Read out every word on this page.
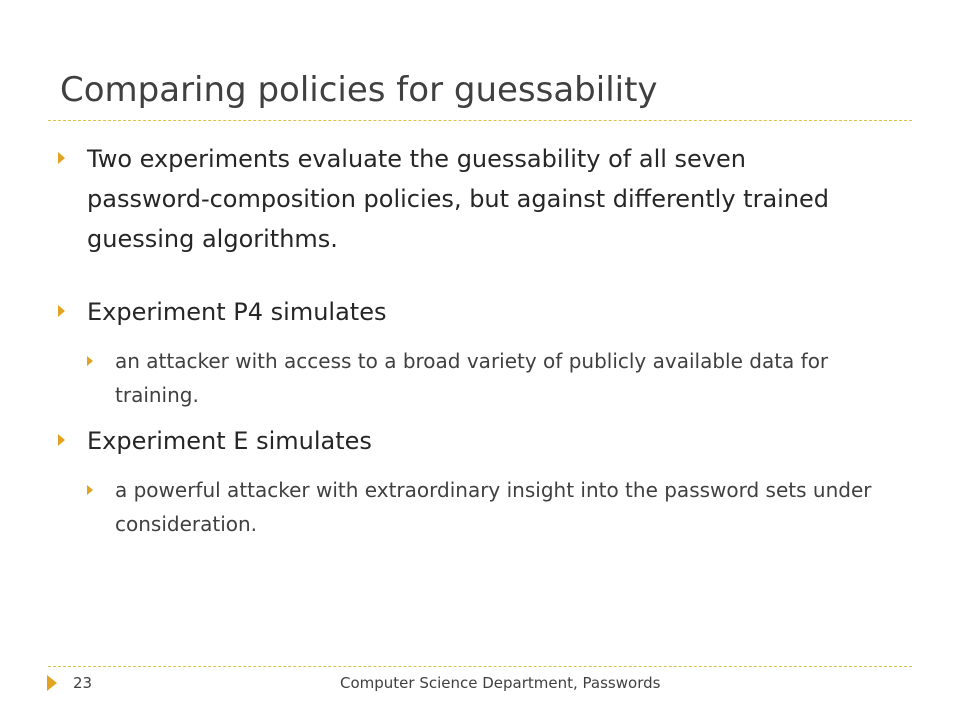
Comparing policies for guessability
Two experiments evaluate the guessability of all seven password-composition policies, but against differently trained guessing algorithms.
Experiment P4 simulates
an attacker with access to a broad variety of publicly available data for training.
Experiment E simulates
a powerful attacker with extraordinary insight into the password sets under consideration.
23	Computer Science Department, Passwords
